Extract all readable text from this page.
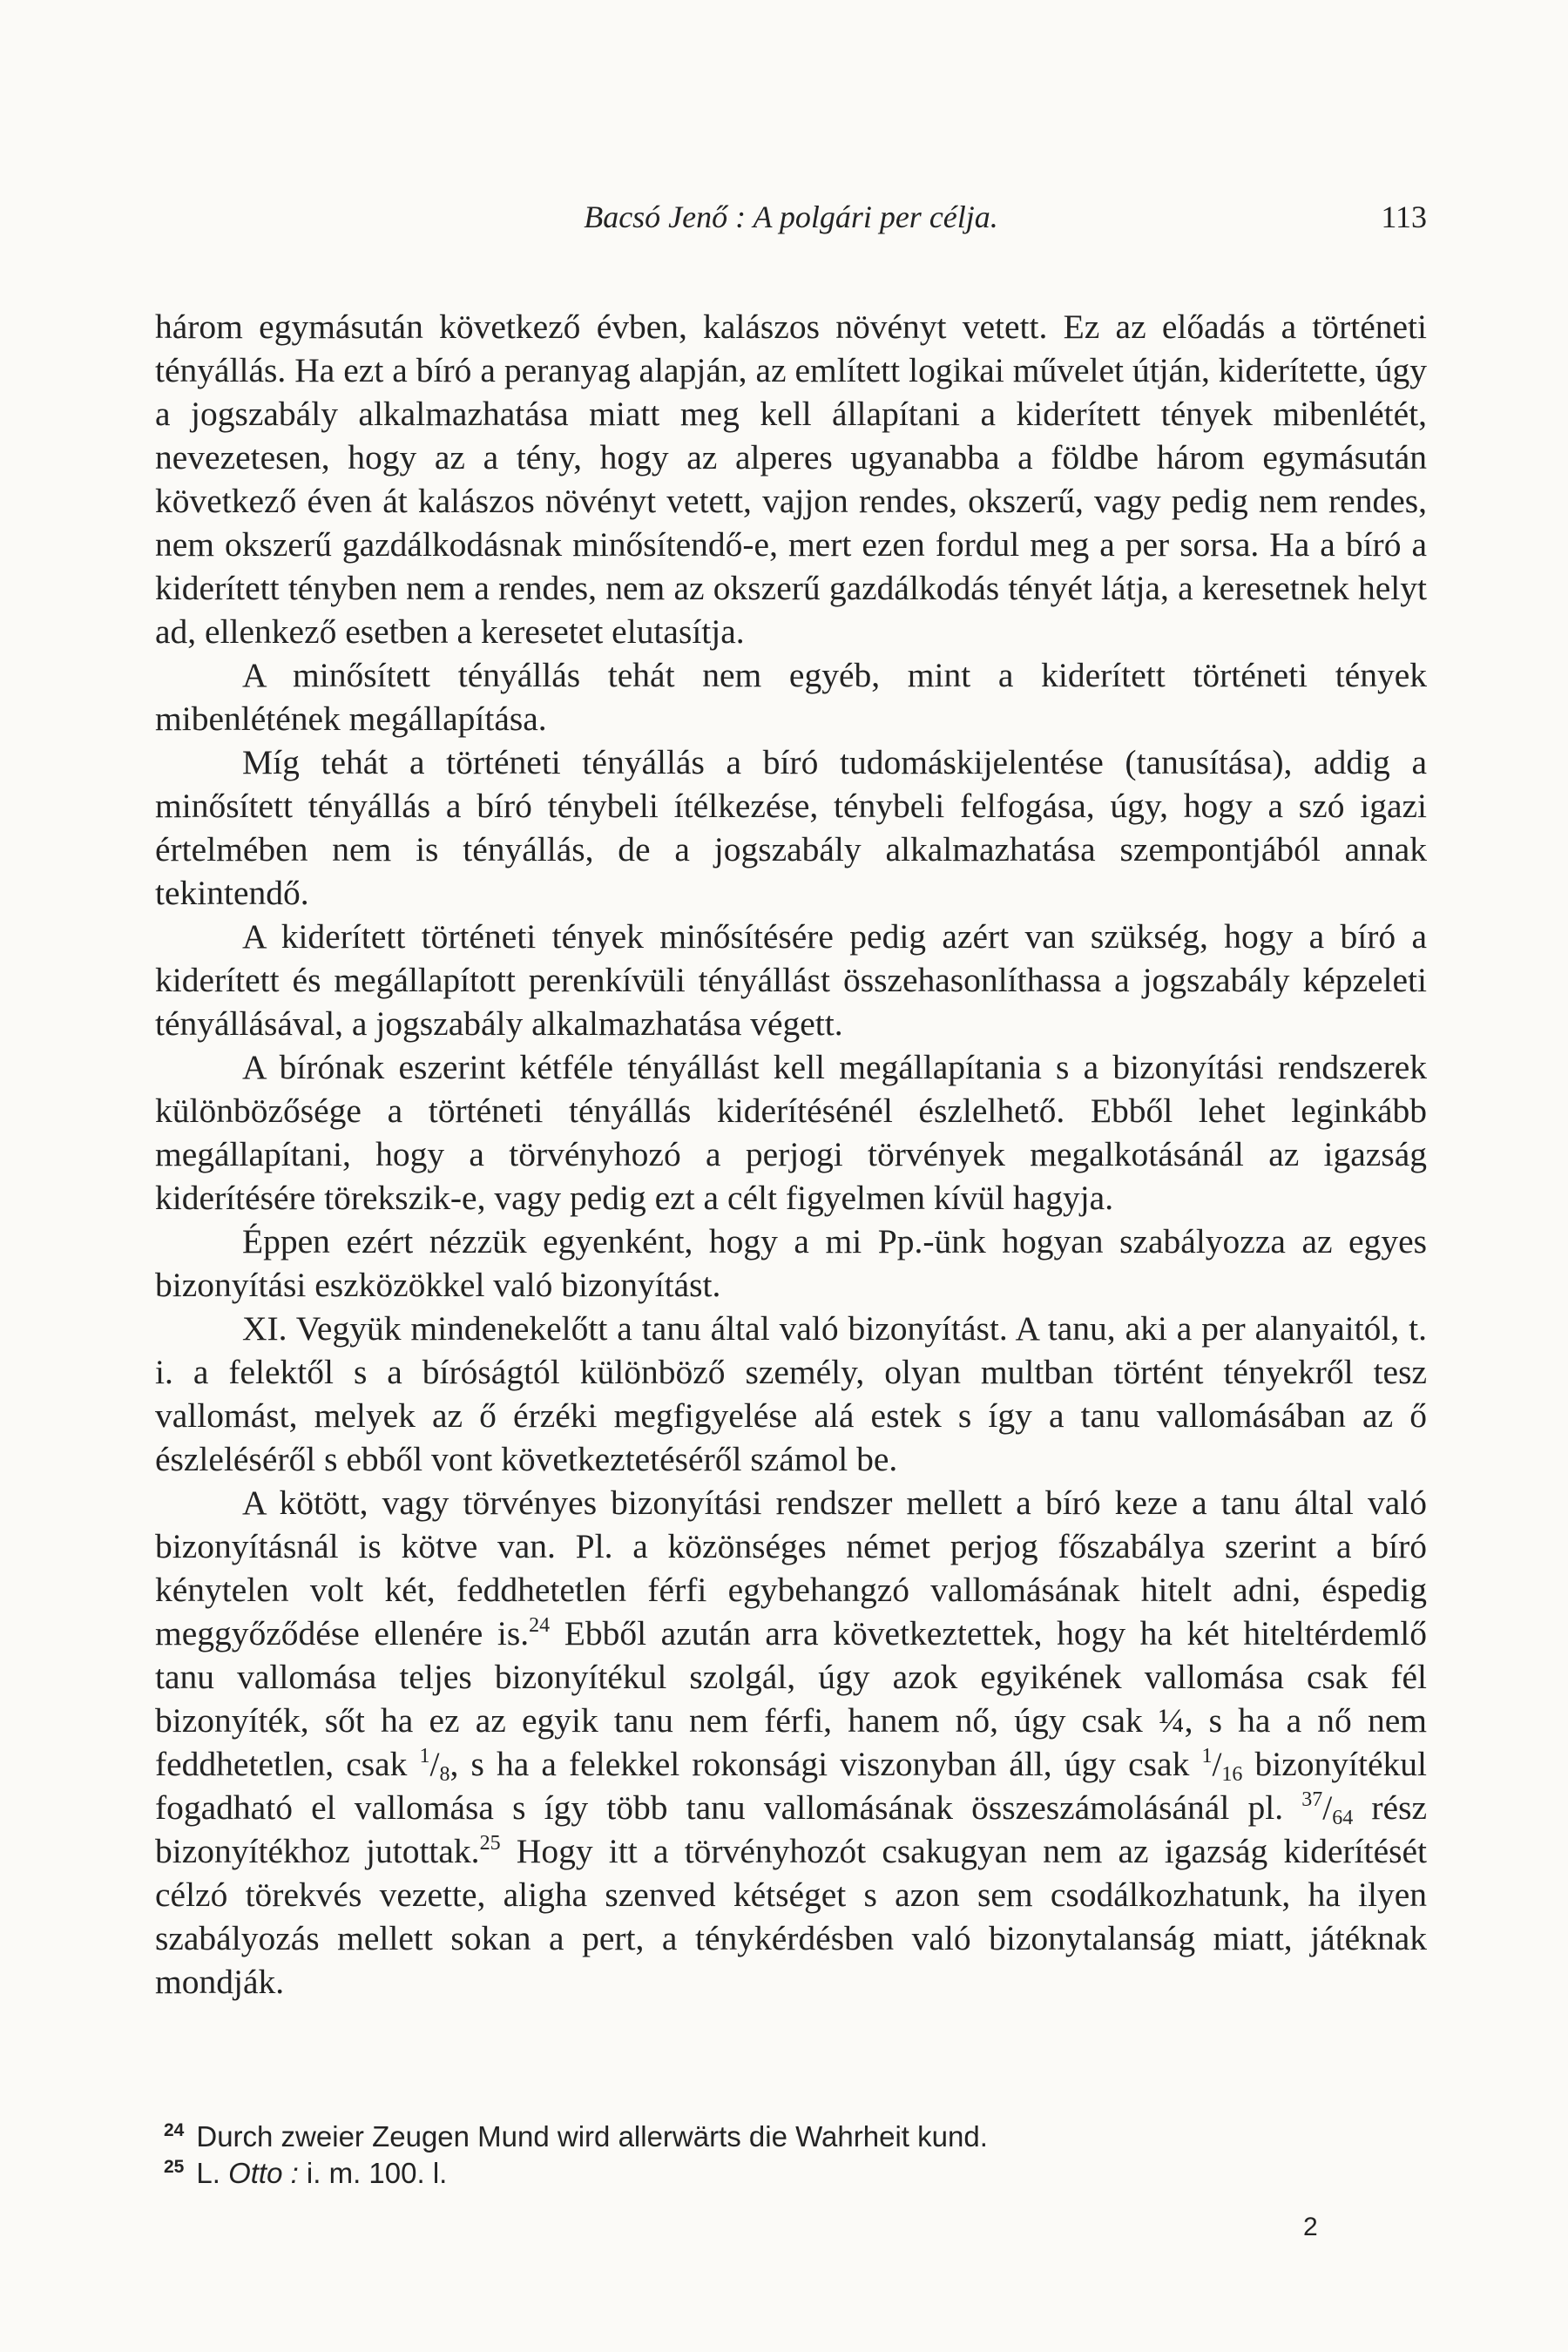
Bacsó Jenő : A polgári per célja.	113

három egymásután következő évben, kalászos növényt vetett. Ez az előadás a történeti tényállás. Ha ezt a bíró a peranyag alapján, az említett logikai művelet útján, kiderítette, úgy a jogszabály alkalmazhatása miatt meg kell állapítani a kiderített tények mibenlétét, nevezetesen, hogy az a tény, hogy az alperes ugyanabba a földbe három egymásután következő éven át kalászos növényt vetett, vajjon rendes, okszerű, vagy pedig nem rendes, nem okszerű gazdálkodásnak minősítendő-e, mert ezen fordul meg a per sorsa. Ha a bíró a kiderített tényben nem a rendes, nem az okszerű gazdálkodás tényét látja, a keresetnek helyt ad, ellenkező esetben a keresetet elutasítja.

A minősített tényállás tehát nem egyéb, mint a kiderített történeti tények mibenlétének megállapítása.

Míg tehát a történeti tényállás a bíró tudomáskijelentése (tanusítása), addig a minősített tényállás a bíró ténybeli ítélkezése, ténybeli felfogása, úgy, hogy a szó igazi értelmében nem is tényállás, de a jogszabály alkalmazhatása szempontjából annak tekintendő.

A kiderített történeti tények minősítésére pedig azért van szükség, hogy a bíró a kiderített és megállapított perenkívüli tényállást összehasonlíthassa a jogszabály képzeleti tényállásával, a jogszabály alkalmazhatása végett.

A bírónak eszerint kétféle tényállást kell megállapítania s a bizonyítási rendszerek különbözősége a történeti tényállás kiderítésénél észlelhető. Ebből lehet leginkább megállapítani, hogy a törvényhozó a perjogi törvények megalkotásánál az igazság kiderítésére törekszik-e, vagy pedig ezt a célt figyelmen kívül hagyja.

Éppen ezért nézzük egyenként, hogy a mi Pp.-ünk hogyan szabályozza az egyes bizonyítási eszközökkel való bizonyítást.

XI. Vegyük mindenekelőtt a tanu által való bizonyítást. A tanu, aki a per alanyaitól, t. i. a felektől s a bíróságtól különböző személy, olyan multban történt tényekről tesz vallomást, melyek az ő érzéki megfigyelése alá estek s így a tanu vallomásában az ő észleléséről s ebből vont következtetéséről számol be.

A kötött, vagy törvényes bizonyítási rendszer mellett a bíró keze a tanu által való bizonyításnál is kötve van. Pl. a közönséges német perjog főszabálya szerint a bíró kénytelen volt két, feddhetetlen férfi egybehangzó vallomásának hitelt adni, éspedig meggyőződése ellenére is.$^{24}$ Ebből azután arra következtettek, hogy ha két hiteltérdemlő tanu vallomása teljes bizonyítékul szolgál, úgy azok egyikének vallomása csak fél bizonyíték, sőt ha ez az egyik tanu nem férfi, hanem nő, úgy csak ¼, s ha a nő nem feddhetetlen, csak $^1$/8, s ha a felekkel rokonsági viszonyban áll, úgy csak $^1$/16 bizonyítékul fogadható el vallomása s így több tanu vallomásának összeszámolásánál pl. $^{37}$/64 rész bizonyítékhoz jutottak.$^{25}$ Hogy itt a törvényhozót csakugyan nem az igazság kiderítését célzó törekvés vezette, aligha szenved kétséget s azon sem csodálkozhatunk, ha ilyen szabályozás mellett sokan a pert, a ténykérdésben való bizonytalanság miatt, játéknak mondják.

$^{24}$ Durch zweier Zeugen Mund wird allerwärts die Wahrheit kund.

$^{25}$ L. Otto : i. m. 100. l.

2
